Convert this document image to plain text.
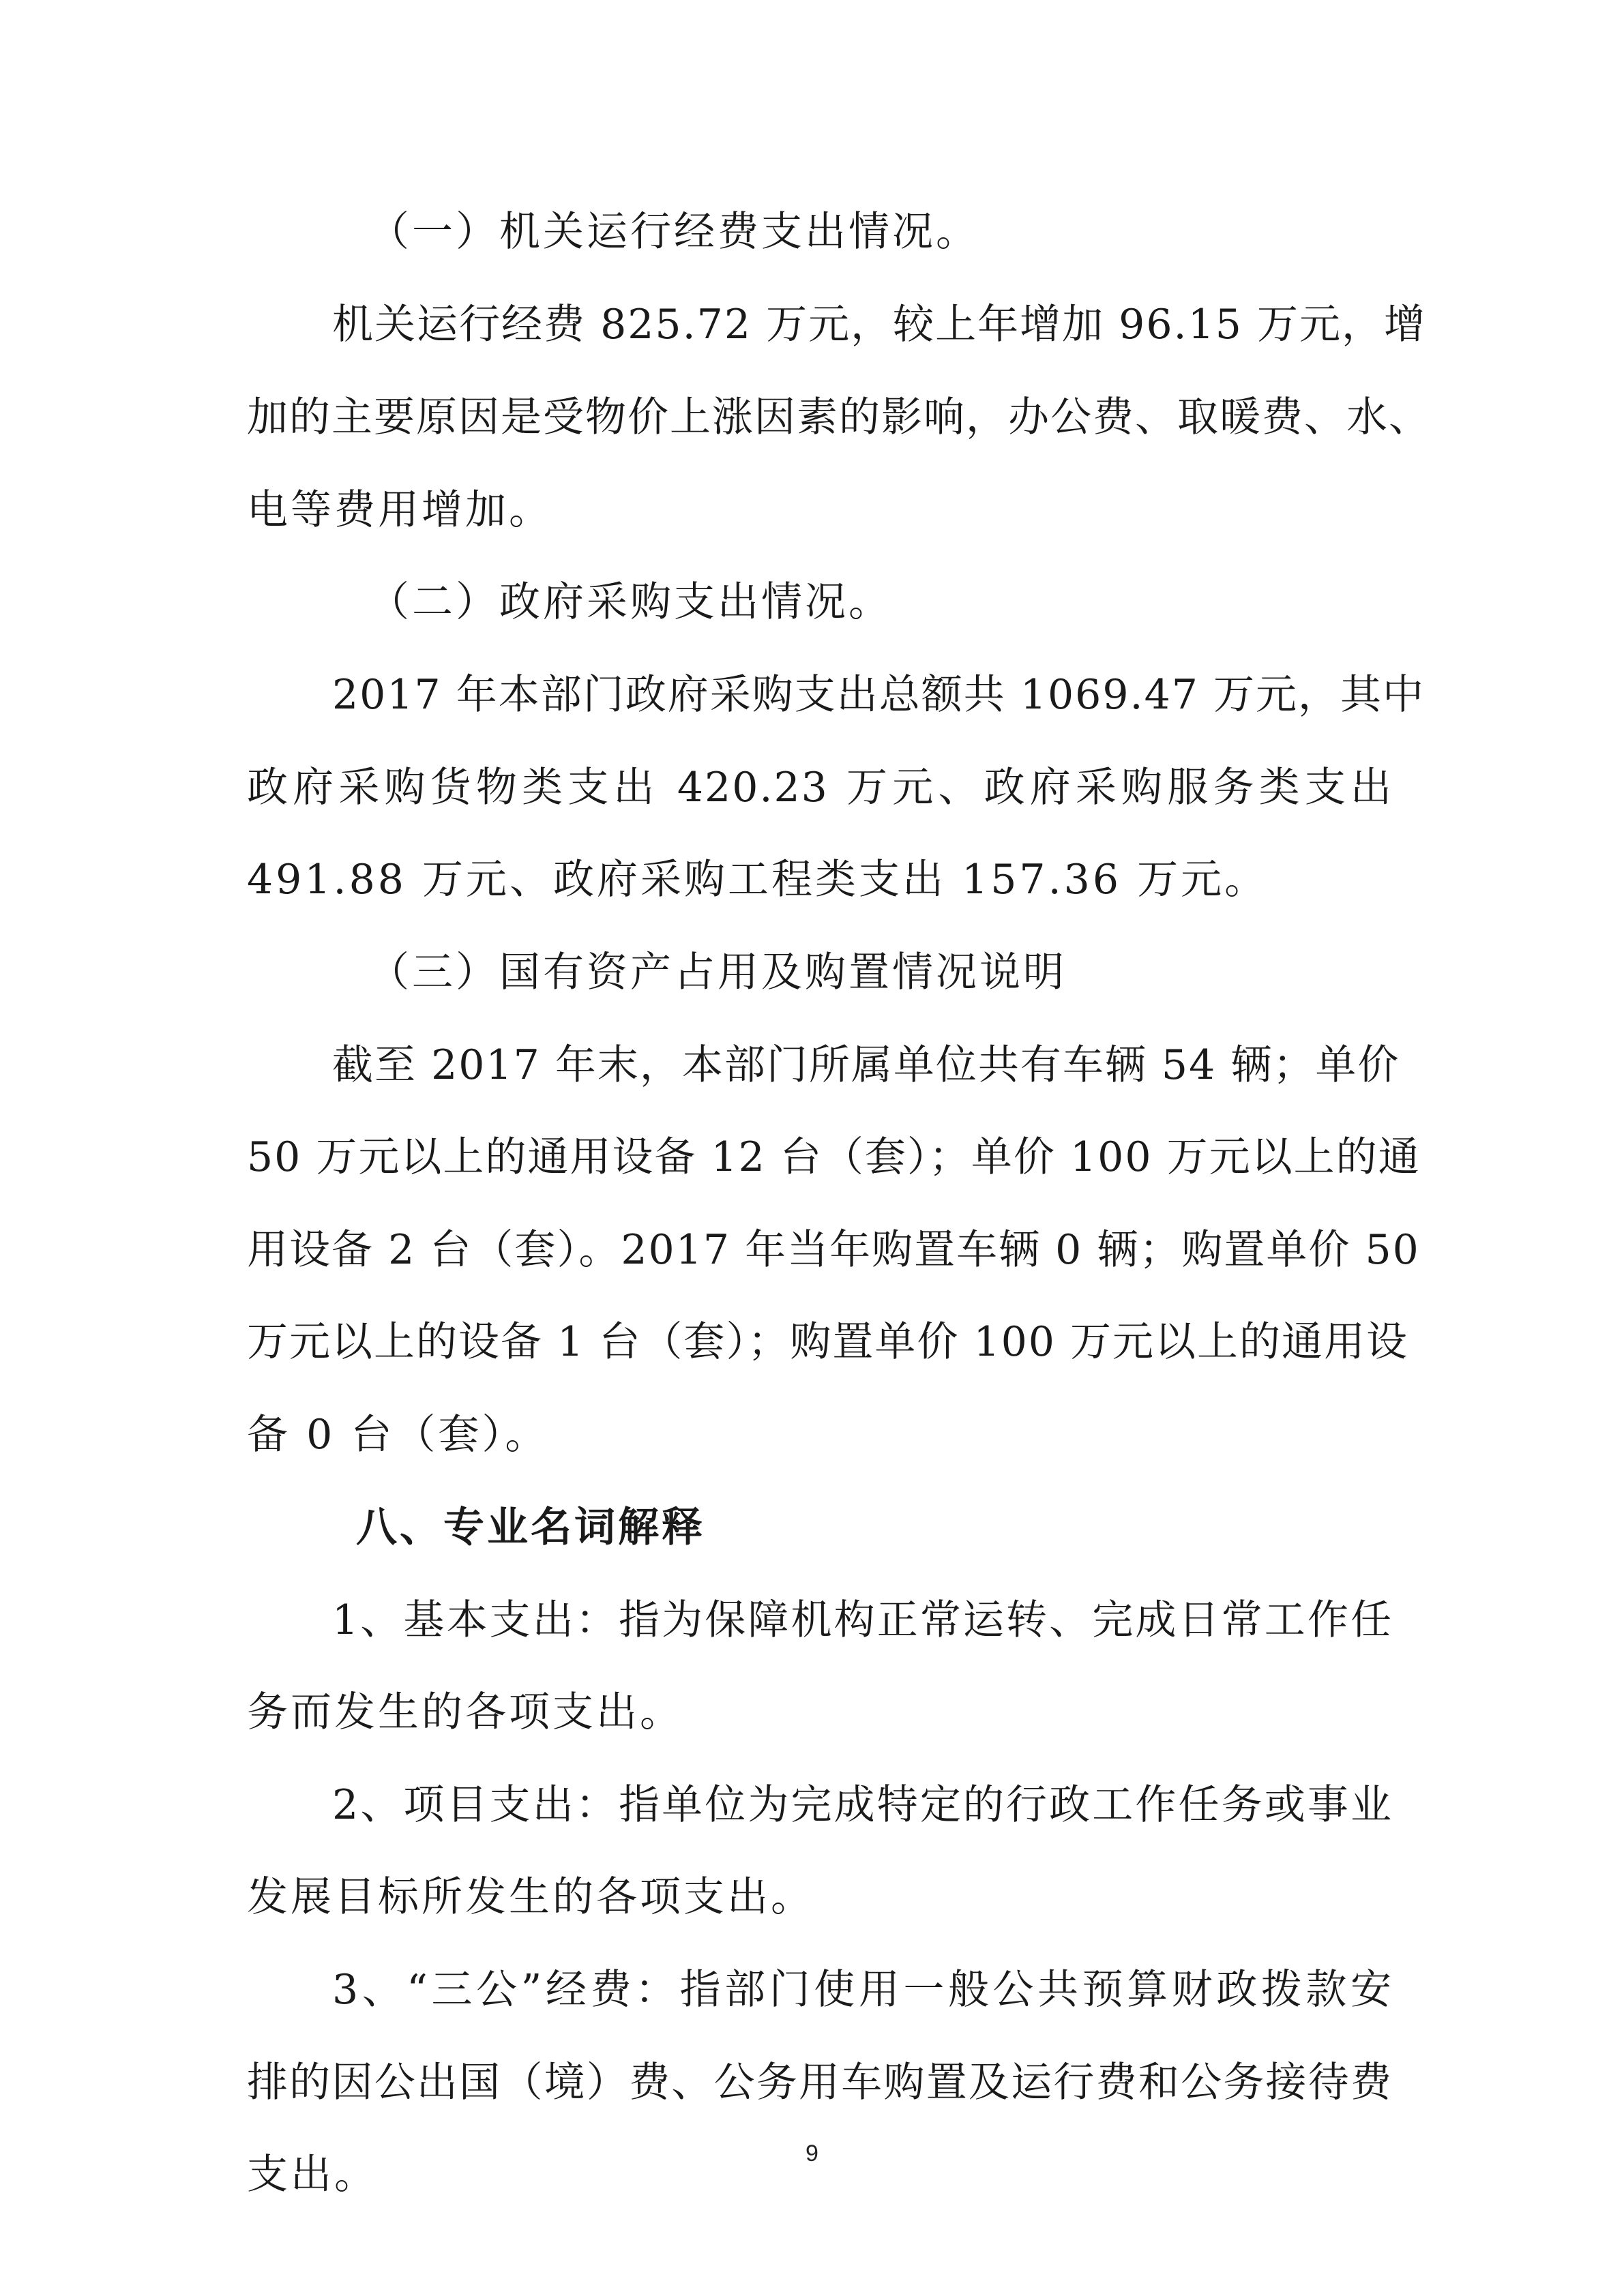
（一）机关运行经费支出情况。
机关运行经费 825.72 万元，较上年增加 96.15 万元，增
加的主要原因是受物价上涨因素的影响，办公费、取暖费、水、
电等费用增加。
（二）政府采购支出情况。
2017 年本部门政府采购支出总额共 1069.47 万元，其中
政府采购货物类支出 420.23 万元、政府采购服务类支出
491.88 万元、政府采购工程类支出 157.36 万元。
（三）国有资产占用及购置情况说明
截至 2017 年末，本部门所属单位共有车辆 54 辆；单价
50 万元以上的通用设备 12 台（套）；单价 100 万元以上的通
用设备 2 台（套）。2017 年当年购置车辆 0 辆；购置单价 50
万元以上的设备 1 台（套）；购置单价 100 万元以上的通用设
备 0 台（套）。
八、专业名词解释
1、基本支出：指为保障机构正常运转、完成日常工作任
务而发生的各项支出。
2、项目支出：指单位为完成特定的行政工作任务或事业
发展目标所发生的各项支出。
3、“三公”经费：指部门使用一般公共预算财政拨款安
排的因公出国（境）费、公务用车购置及运行费和公务接待费
支出。	9
